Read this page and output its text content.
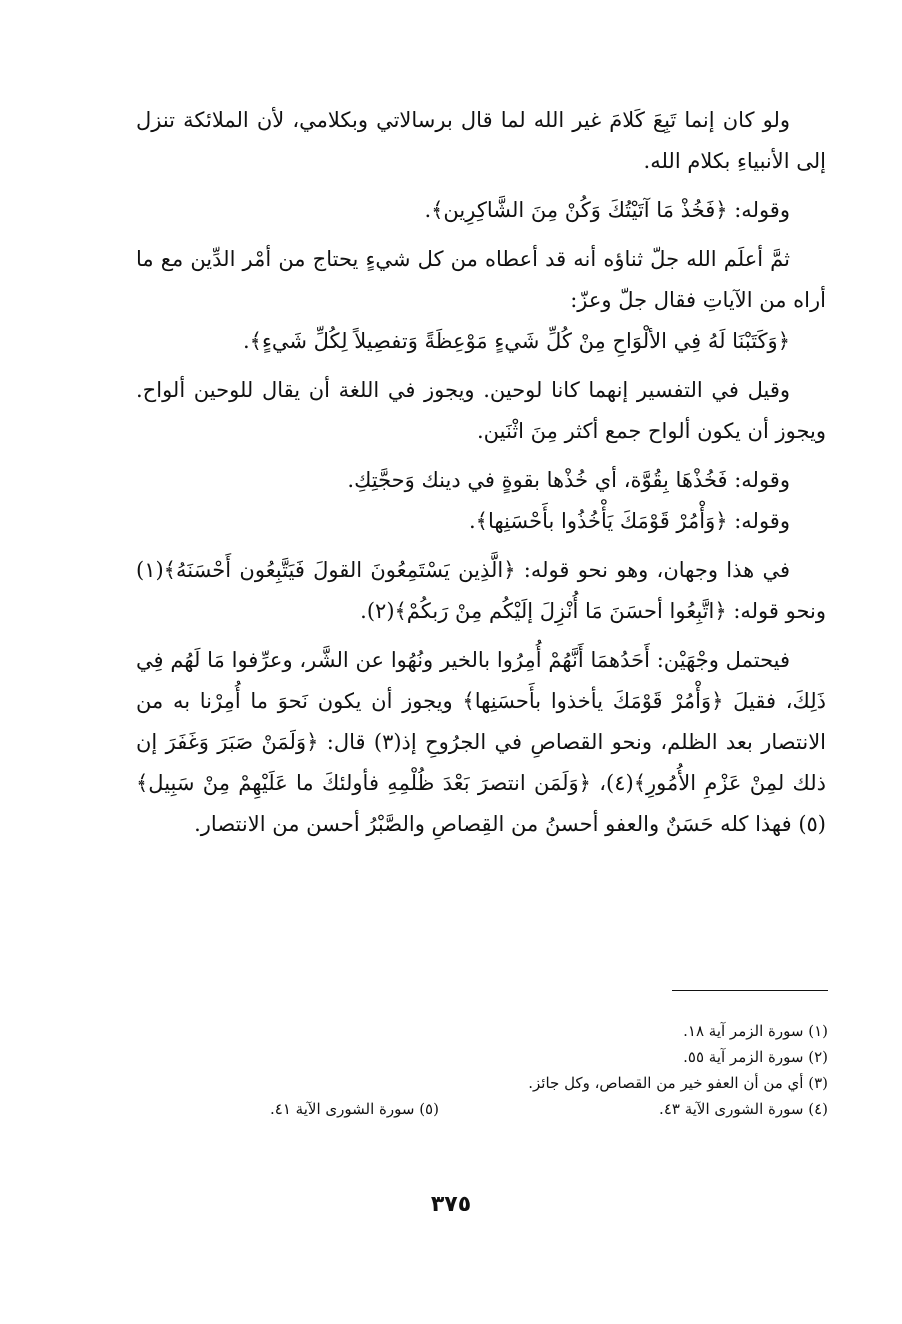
ولو كان إنما تَبِعَ كَلامَ غير الله لما قال برسالاتي وبكلامي، لأن الملائكة تنزل إلى الأنبياءِ بكلام الله.

وقوله: ﴿فَخُذْ مَا آتَيْتُكَ وَكُنْ مِنَ الشَّاكِرِين﴾.

ثمَّ أعلَم الله جلّ ثناؤه أنه قد أعطاه من كل شيءٍ يحتاج من أمْر الدِّين مع ما أراه من الآياتِ فقال جلّ وعزّ:

﴿وَكَتَبْنَا لَهُ فِي الألْوَاحِ مِنْ كُلِّ شَيءٍ مَوْعِظَةً وَتفصِيلاً لِكُلِّ شَيءٍ﴾.

وقيل في التفسير إنهما كانا لوحين. ويجوز في اللغة أن يقال للوحين ألواح. ويجوز أن يكون ألواح جمع أكثر مِنَ اثْنَين.

وقوله: فَخُذْهَا بِقُوَّة، أي خُذْها بقوةٍ في دينك وَحجَّتِكِ.

وقوله: ﴿وَأْمُرْ قَوْمَكَ يَأْخُذُوا بأَحْسَنِها﴾.

في هذا وجهان، وهو نحو قوله: ﴿الَّذِين يَسْتَمِعُونَ القولَ فَيَتَّبِعُون أَحْسَنَهُ﴾(١) ونحو قوله: ﴿اتَّبِعُوا أحسَنَ مَا أُنْزِلَ إلَيْكُم مِنْ رَبكُمْ﴾(٢).

فيحتمل وجْهَيْن: أَحَدُهمَا أَنَّهُمْ أُمِرُوا بالخير ونُهُوا عن الشَّر، وعرِّفوا مَا لَهُم فِي ذَلِكَ، فقيلَ ﴿وَأْمُرْ قَوْمَكَ يأخذوا بأَحسَنِها﴾ ويجوز أن يكون نَحوَ ما أُمِرْنا به من الانتصار بعد الظلم، ونحو القصاصِ في الجرُوحِ إذ(٣) قال: ﴿وَلَمَنْ صَبَرَ وَغَفَرَ إن ذلك لمِنْ عَزْمِ الأُمُورِ﴾(٤)، ﴿وَلَمَن انتصرَ بَعْدَ ظُلْمِهِ فأولئكَ ما عَلَيْهِمْ مِنْ سَبِيل﴾(٥) فهذا كله حَسَنٌ والعفو أحسنُ من القِصاصِ والصَّبْرُ أحسن من الانتصار.

(١) سورة الزمر آية ١٨.

(٢) سورة الزمر آية ٥٥.

(٣) أي من أن العفو خير من القصاص، وكل جائز.

(٤) سورة الشورى الآية ٤٣.
(٥) سورة الشورى الآية ٤١.
٣٧٥
